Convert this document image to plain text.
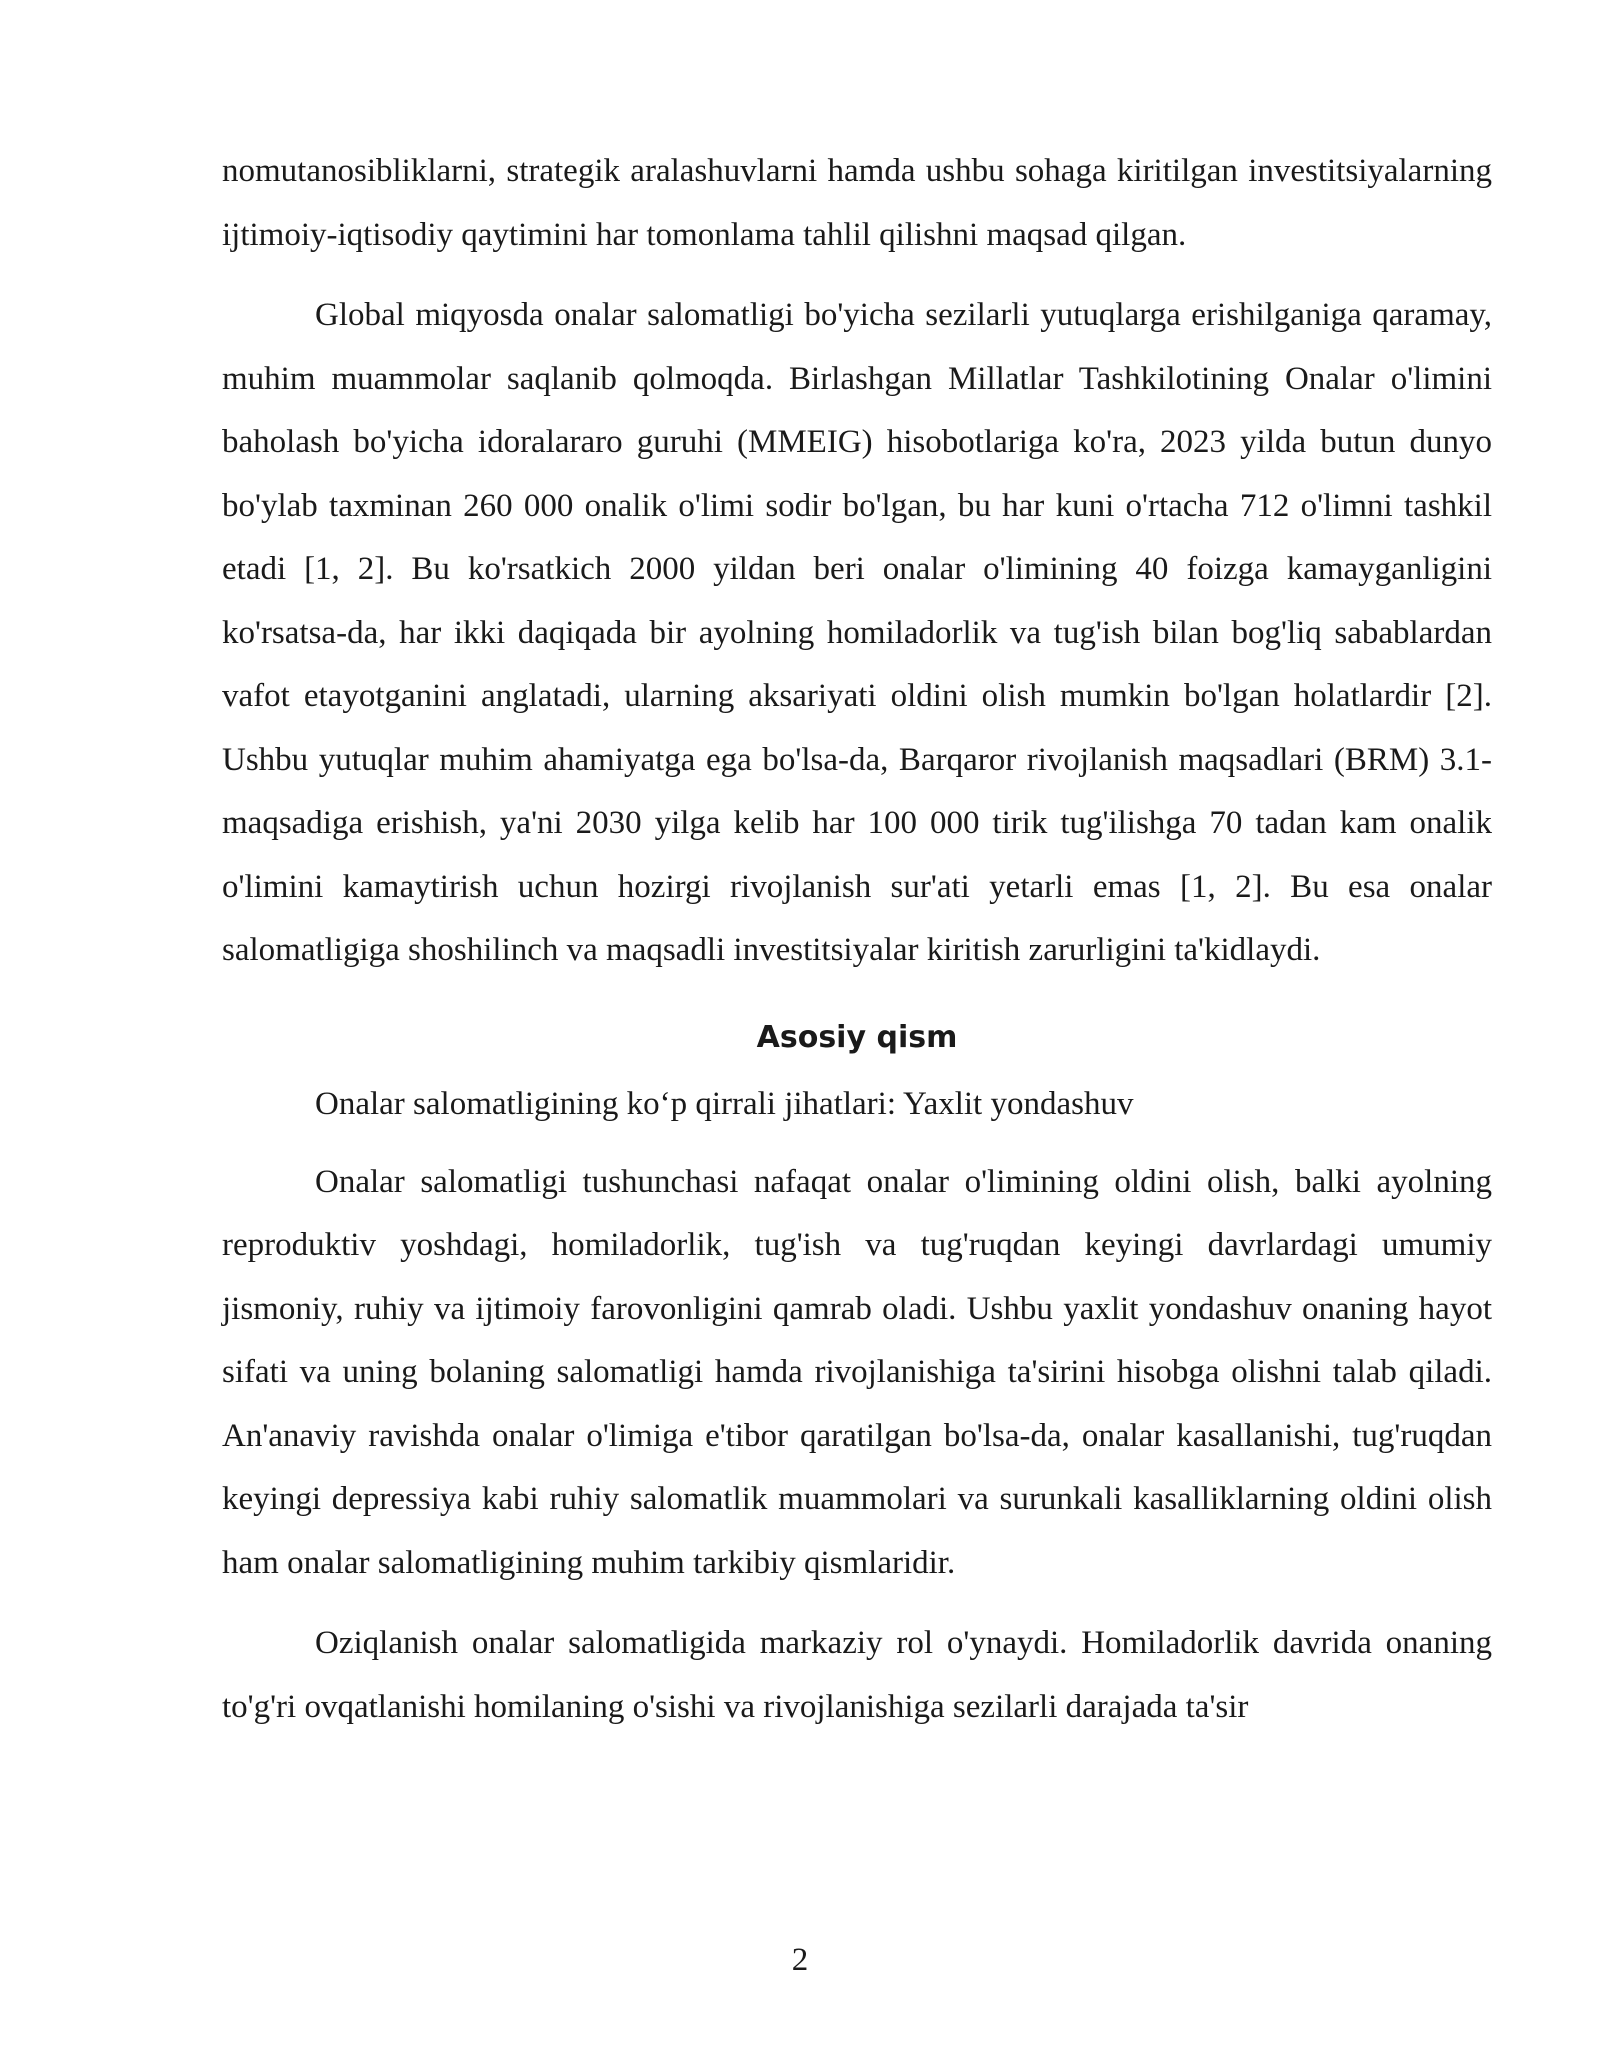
nomutanosibliklarni, strategik aralashuvlarni hamda ushbu sohaga kiritilgan investitsiyalarning ijtimoiy-iqtisodiy qaytimini har tomonlama tahlil qilishni maqsad qilgan.

Global miqyosda onalar salomatligi bo'yicha sezilarli yutuqlarga erishilganiga qaramay, muhim muammolar saqlanib qolmoqda. Birlashgan Millatlar Tashkilotining Onalar o'limini baholash bo'yicha idoralararo guruhi (MMEIG) hisobotlariga ko'ra, 2023 yilda butun dunyo bo'ylab taxminan 260 000 onalik o'limi sodir bo'lgan, bu har kuni o'rtacha 712 o'limni tashkil etadi [1, 2]. Bu ko'rsatkich 2000 yildan beri onalar o'limining 40 foizga kamayganligini ko'rsatsa-da, har ikki daqiqada bir ayolning homiladorlik va tug'ish bilan bog'liq sabablardan vafot etayotganini anglatadi, ularning aksariyati oldini olish mumkin bo'lgan holatlardir [2]. Ushbu yutuqlar muhim ahamiyatga ega bo'lsa-da, Barqaror rivojlanish maqsadlari (BRM) 3.1-maqsadiga erishish, ya'ni 2030 yilga kelib har 100 000 tirik tug'ilishga 70 tadan kam onalik o'limini kamaytirish uchun hozirgi rivojlanish sur'ati yetarli emas [1, 2]. Bu esa onalar salomatligiga shoshilinch va maqsadli investitsiyalar kiritish zarurligini ta'kidlaydi.

Asosiy qism

Onalar salomatligining ko‘p qirrali jihatlari: Yaxlit yondashuv

Onalar salomatligi tushunchasi nafaqat onalar o'limining oldini olish, balki ayolning reproduktiv yoshdagi, homiladorlik, tug'ish va tug'ruqdan keyingi davrlardagi umumiy jismoniy, ruhiy va ijtimoiy farovonligini qamrab oladi. Ushbu yaxlit yondashuv onaning hayot sifati va uning bolaning salomatligi hamda rivojlanishiga ta'sirini hisobga olishni talab qiladi. An'anaviy ravishda onalar o'limiga e'tibor qaratilgan bo'lsa-da, onalar kasallanishi, tug'ruqdan keyingi depressiya kabi ruhiy salomatlik muammolari va surunkali kasalliklarning oldini olish ham onalar salomatligining muhim tarkibiy qismlaridir.

Oziqlanish onalar salomatligida markaziy rol o'ynaydi. Homiladorlik davrida onaning to'g'ri ovqatlanishi homilaning o'sishi va rivojlanishiga sezilarli darajada ta'sir

2
